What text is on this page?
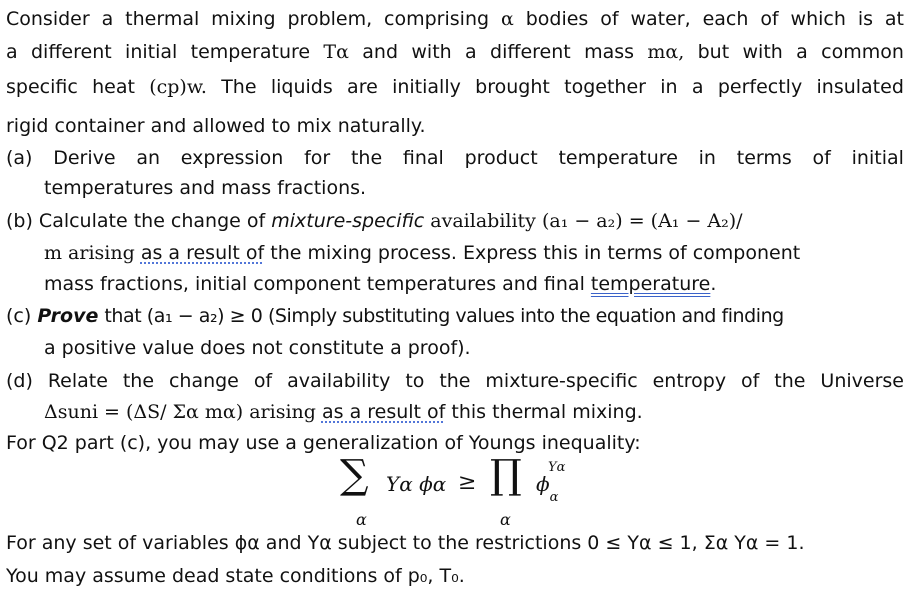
Consider a thermal mixing problem, comprising α bodies of water, each of which is at
a different initial temperature Tα and with a different mass mα, but with a common
specific heat (cp)w. The liquids are initially brought together in a perfectly insulated
rigid container and allowed to mix naturally.
(a) Derive an expression for the final product temperature in terms of initial
temperatures and mass fractions.
(b) Calculate the change of mixture-specific availability (a₁ − a₂) = (A₁ − A₂)/
m arising as a result of the mixing process. Express this in terms of component
mass fractions, initial component temperatures and final temperature.
(c) Prove that (a₁ − a₂) ≥ 0 (Simply substituting values into the equation and finding
a positive value does not constitute a proof).
(d) Relate the change of availability to the mixture-specific entropy of the Universe
Δsuni = (ΔS/ Σα mα) arising as a result of this thermal mixing.
For Q2 part (c), you may use a generalization of Youngs inequality:
∑ Yα ϕα ≥ ∏ $\phi_\alpha$
Yα
α	α
For any set of variables ϕα and Yα subject to the restrictions 0 ≤ Yα ≤ 1, Σα Yα = 1.
You may assume dead state conditions of p₀, T₀.
